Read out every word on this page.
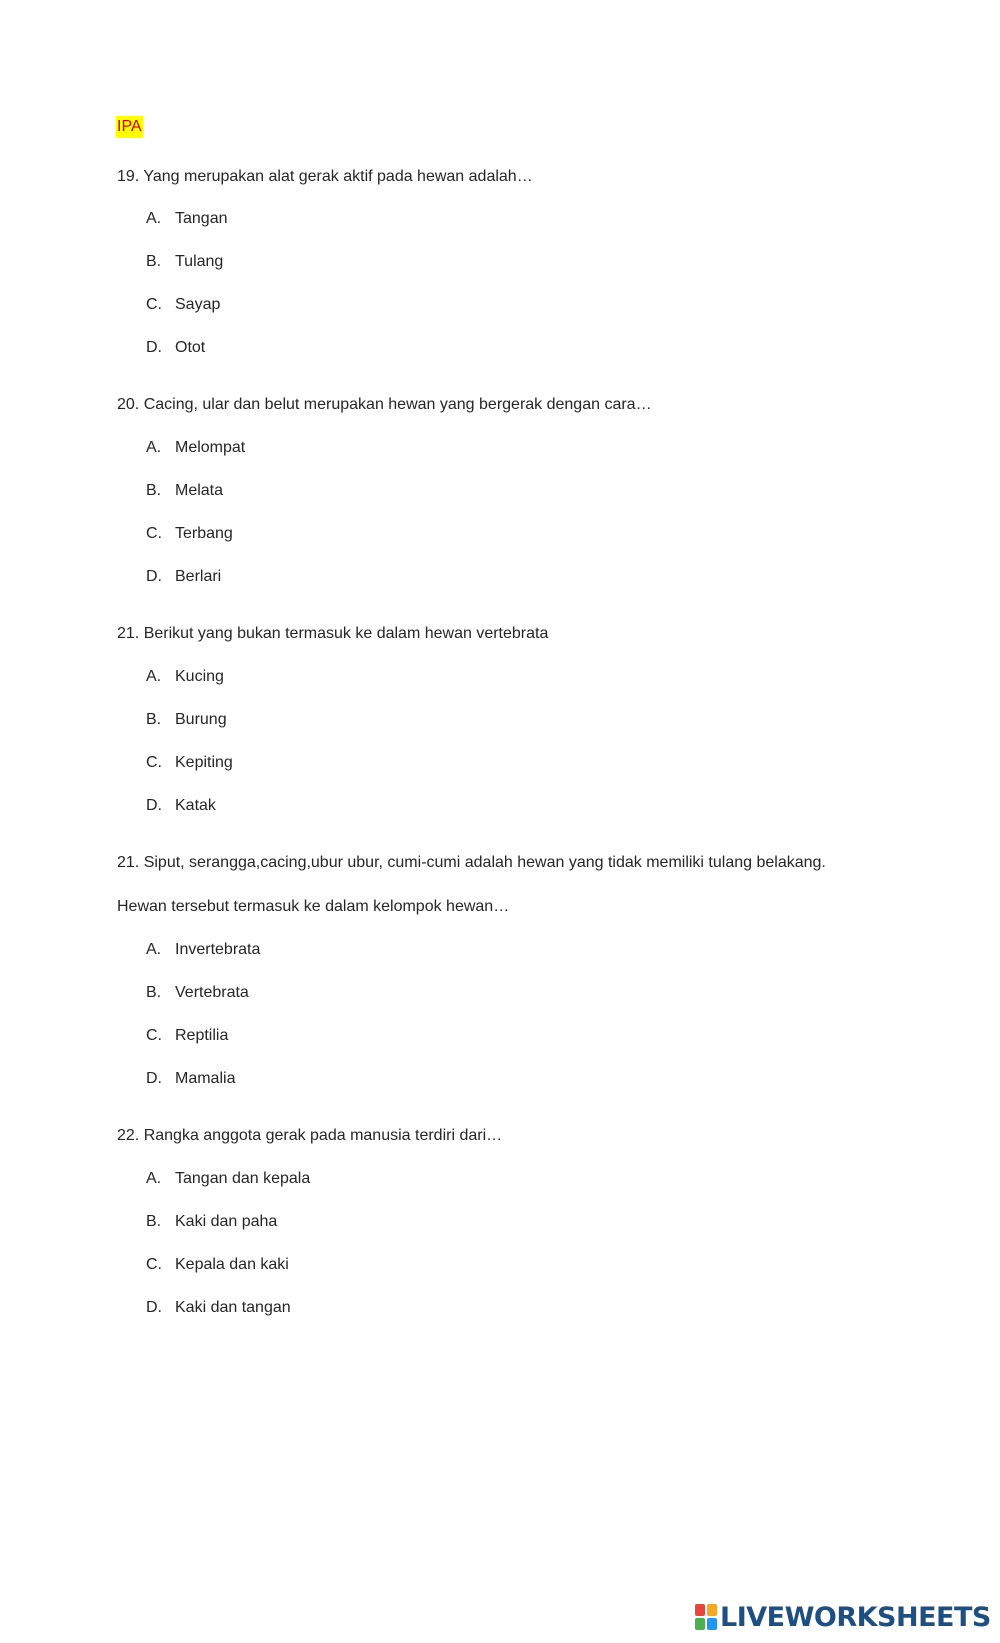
IPA
19. Yang merupakan alat gerak aktif pada hewan adalah…
A. Tangan
B. Tulang
C. Sayap
D. Otot
20. Cacing, ular dan belut merupakan hewan yang bergerak dengan cara…
A. Melompat
B. Melata
C. Terbang
D. Berlari
21. Berikut yang bukan termasuk ke dalam hewan vertebrata
A. Kucing
B. Burung
C. Kepiting
D. Katak
21. Siput, serangga,cacing,ubur ubur, cumi-cumi adalah hewan yang tidak memiliki tulang belakang.
Hewan tersebut termasuk ke dalam kelompok hewan…
A. Invertebrata
B. Vertebrata
C. Reptilia
D. Mamalia
22. Rangka anggota gerak pada manusia terdiri dari…
A. Tangan dan kepala
B. Kaki dan paha
C. Kepala dan kaki
D. Kaki dan tangan
LIVEWORKSHEETS
